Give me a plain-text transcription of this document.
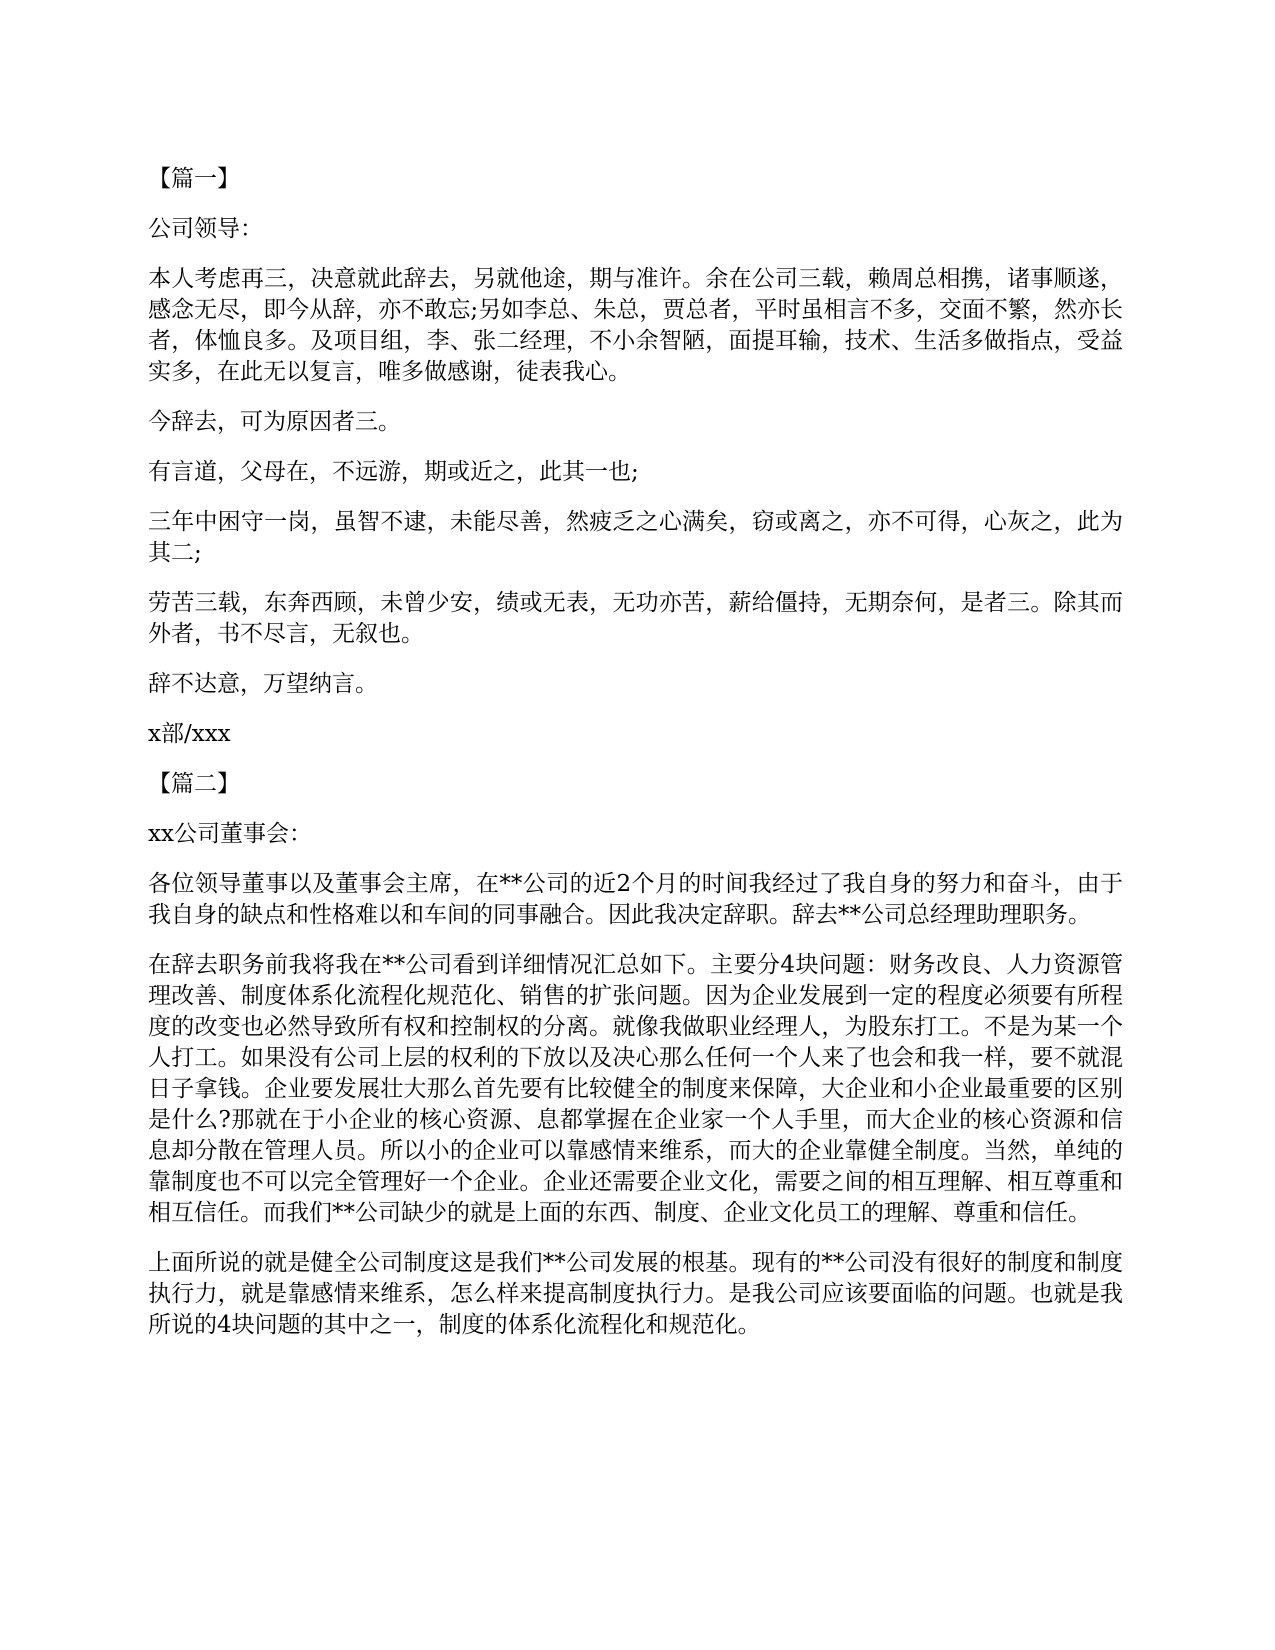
【篇一】

公司领导：

本人考虑再三，决意就此辞去，另就他途，期与准许。余在公司三载，赖周总相携，诸事顺遂，感念无尽，即今从辞，亦不敢忘;另如李总、朱总，贾总者，平时虽相言不多，交面不繁，然亦长者，体恤良多。及项目组，李、张二经理，不小余智陋，面提耳输，技术、生活多做指点，受益实多，在此无以复言，唯多做感谢，徒表我心。

今辞去，可为原因者三。

有言道，父母在，不远游，期或近之，此其一也;

三年中困守一岗，虽智不逮，未能尽善，然疲乏之心满矣，窃或离之，亦不可得，心灰之，此为其二;

劳苦三载，东奔西顾，未曾少安，绩或无表，无功亦苦，薪给僵持，无期奈何，是者三。除其而外者，书不尽言，无叙也。

辞不达意，万望纳言。

x部/xxx

【篇二】

xx公司董事会：

各位领导董事以及董事会主席，在**公司的近2个月的时间我经过了我自身的努力和奋斗，由于我自身的缺点和性格难以和车间的同事融合。因此我决定辞职。辞去**公司总经理助理职务。

在辞去职务前我将我在**公司看到详细情况汇总如下。主要分4块问题：财务改良、人力资源管理改善、制度体系化流程化规范化、销售的扩张问题。因为企业发展到一定的程度必须要有所程度的改变也必然导致所有权和控制权的分离。就像我做职业经理人，为股东打工。不是为某一个人打工。如果没有公司上层的权利的下放以及决心那么任何一个人来了也会和我一样，要不就混日子拿钱。企业要发展壮大那么首先要有比较健全的制度来保障，大企业和小企业最重要的区别是什么?那就在于小企业的核心资源、息都掌握在企业家一个人手里，而大企业的核心资源和信息却分散在管理人员。所以小的企业可以靠感情来维系，而大的企业靠健全制度。当然，单纯的靠制度也不可以完全管理好一个企业。企业还需要企业文化，需要之间的相互理解、相互尊重和相互信任。而我们**公司缺少的就是上面的东西、制度、企业文化员工的理解、尊重和信任。

上面所说的就是健全公司制度这是我们**公司发展的根基。现有的**公司没有很好的制度和制度执行力，就是靠感情来维系，怎么样来提高制度执行力。是我公司应该要面临的问题。也就是我所说的4块问题的其中之一，制度的体系化流程化和规范化。
